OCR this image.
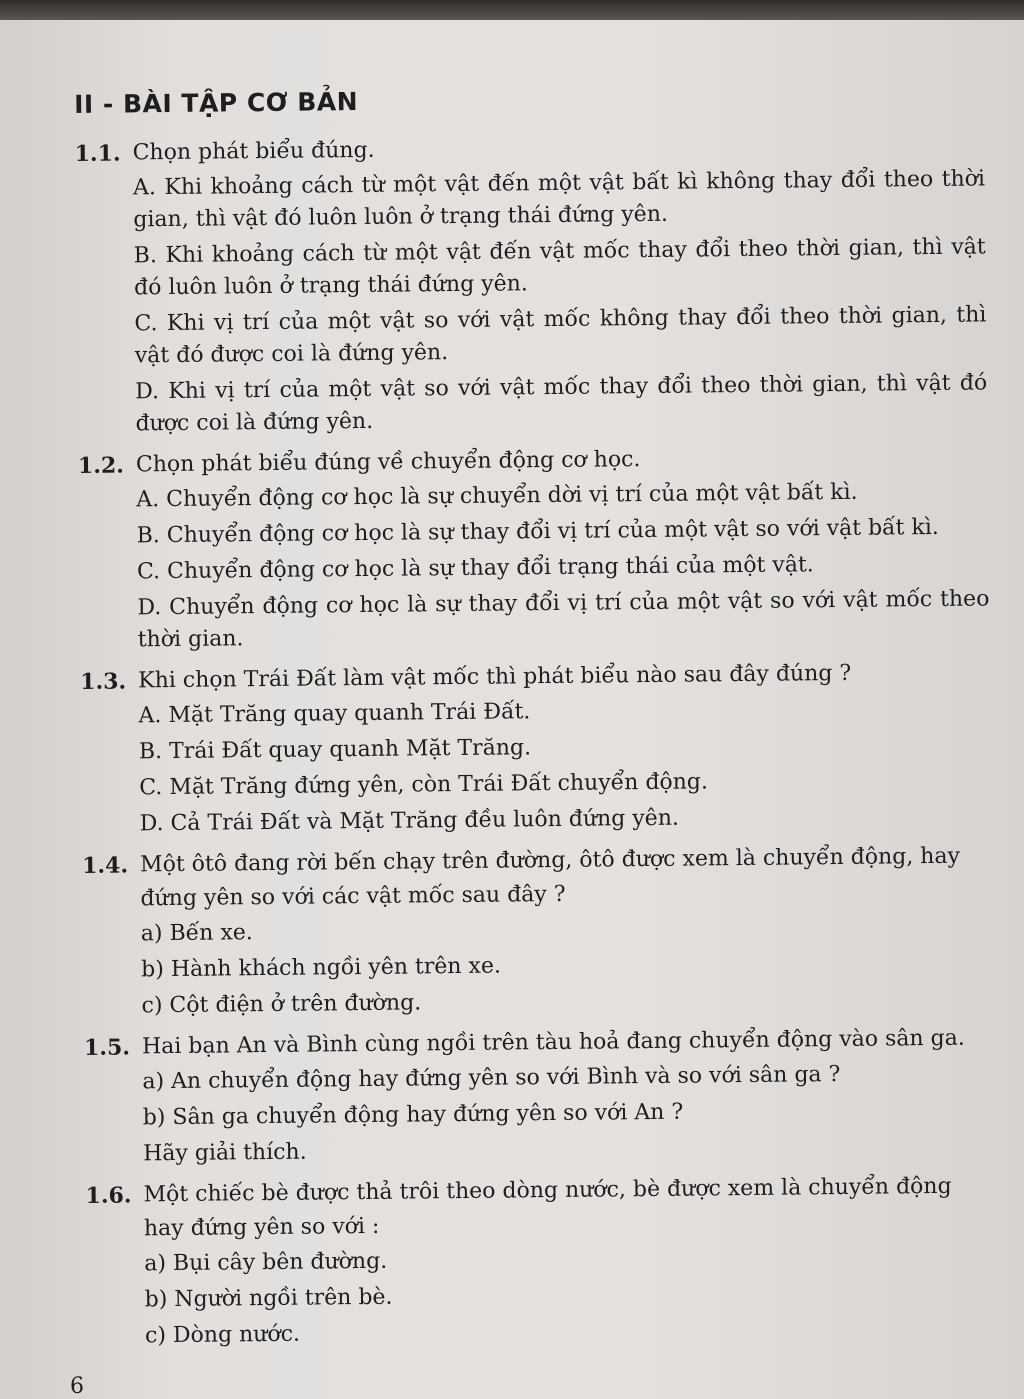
II - BÀI TẬP CƠ BẢN
1.1. Chọn phát biểu đúng.
A. Khi khoảng cách từ một vật đến một vật bất kì không thay đổi theo thời gian, thì vật đó luôn luôn ở trạng thái đứng yên.
B. Khi khoảng cách từ một vật đến vật mốc thay đổi theo thời gian, thì vật đó luôn luôn ở trạng thái đứng yên.
C. Khi vị trí của một vật so với vật mốc không thay đổi theo thời gian, thì vật đó được coi là đứng yên.
D. Khi vị trí của một vật so với vật mốc thay đổi theo thời gian, thì vật đó được coi là đứng yên.
1.2. Chọn phát biểu đúng về chuyển động cơ học.
A. Chuyển động cơ học là sự chuyển dời vị trí của một vật bất kì.
B. Chuyển động cơ học là sự thay đổi vị trí của một vật so với vật bất kì.
C. Chuyển động cơ học là sự thay đổi trạng thái của một vật.
D. Chuyển động cơ học là sự thay đổi vị trí của một vật so với vật mốc theo thời gian.
1.3. Khi chọn Trái Đất làm vật mốc thì phát biểu nào sau đây đúng ?
A. Mặt Trăng quay quanh Trái Đất.
B. Trái Đất quay quanh Mặt Trăng.
C. Mặt Trăng đứng yên, còn Trái Đất chuyển động.
D. Cả Trái Đất và Mặt Trăng đều luôn đứng yên.
1.4. Một ôtô đang rời bến chạy trên đường, ôtô được xem là chuyển động, hay đứng yên so với các vật mốc sau đây ?
a) Bến xe.
b) Hành khách ngồi yên trên xe.
c) Cột điện ở trên đường.
1.5. Hai bạn An và Bình cùng ngồi trên tàu hoả đang chuyển động vào sân ga.
a) An chuyển động hay đứng yên so với Bình và so với sân ga ?
b) Sân ga chuyển động hay đứng yên so với An ?
Hãy giải thích.
1.6. Một chiếc bè được thả trôi theo dòng nước, bè được xem là chuyển động hay đứng yên so với :
a) Bụi cây bên đường.
b) Người ngồi trên bè.
c) Dòng nước.
6
